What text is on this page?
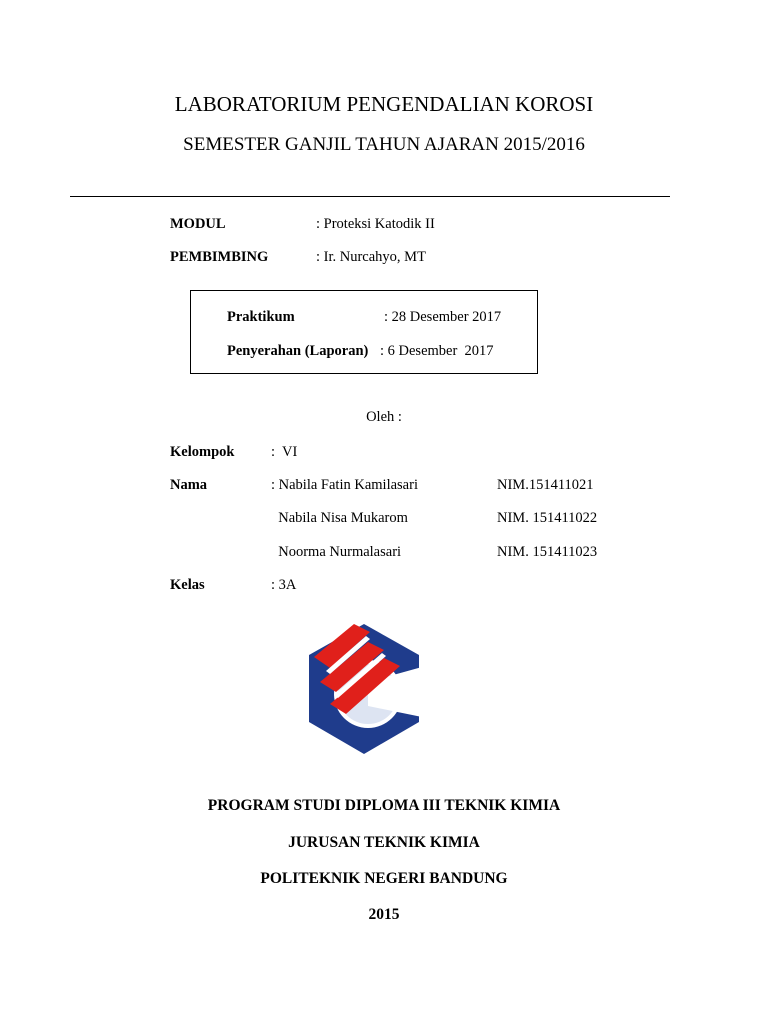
LABORATORIUM PENGENDALIAN KOROSI
SEMESTER GANJIL TAHUN AJARAN 2015/2016
MODUL	: Proteksi Katodik II
PEMBIMBING	: Ir. Nurcahyo, MT
Praktikum	: 28 Desember 2017
Penyerahan (Laporan) : 6 Desember  2017
Oleh :
Kelompok	:  VI
Nama	: Nabila Fatin Kamilasari	NIM.151411021
Nabila Nisa Mukarom	NIM. 151411022
Noorma Nurmalasari	NIM. 151411023
Kelas	: 3A
PROGRAM STUDI DIPLOMA III TEKNIK KIMIA
JURUSAN TEKNIK KIMIA
POLITEKNIK NEGERI BANDUNG
2015
